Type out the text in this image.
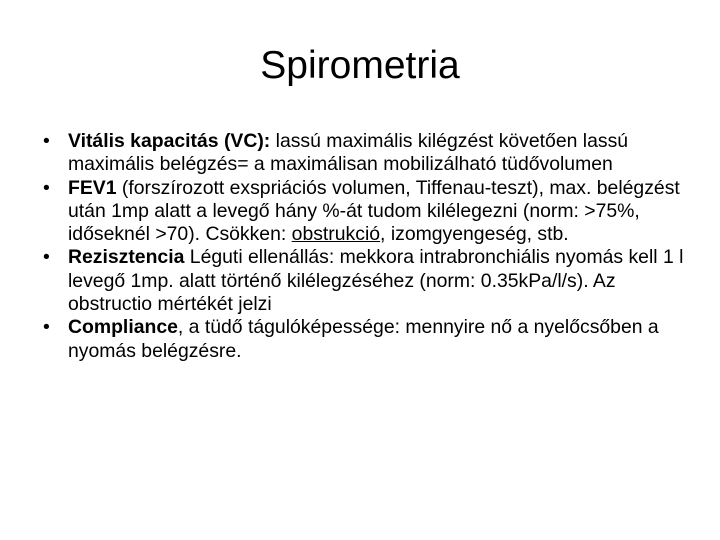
Spirometria
• Vitális kapacitás (VC): lassú maximális kilégzést követően lassú maximális belégzés= a maximálisan mobilizálható tüdővolumen
• FEV1 (forszírozott exspriációs volumen, Tiffenau-teszt), max. belégzést után 1mp alatt a levegő hány %-át tudom kilélegezni (norm: >75%, időseknél >70). Csökken: obstrukció, izomgyengeség, stb.
• Rezisztencia Léguti ellenállás: mekkora intrabronchiális nyomás kell 1 l levegő 1mp. alatt történő kilélegzéséhez (norm: 0.35kPa/l/s). Az obstructio mértékét jelzi
• Compliance, a tüdő tágulóképessége: mennyire nő a nyelőcsőben a nyomás belégzésre.
